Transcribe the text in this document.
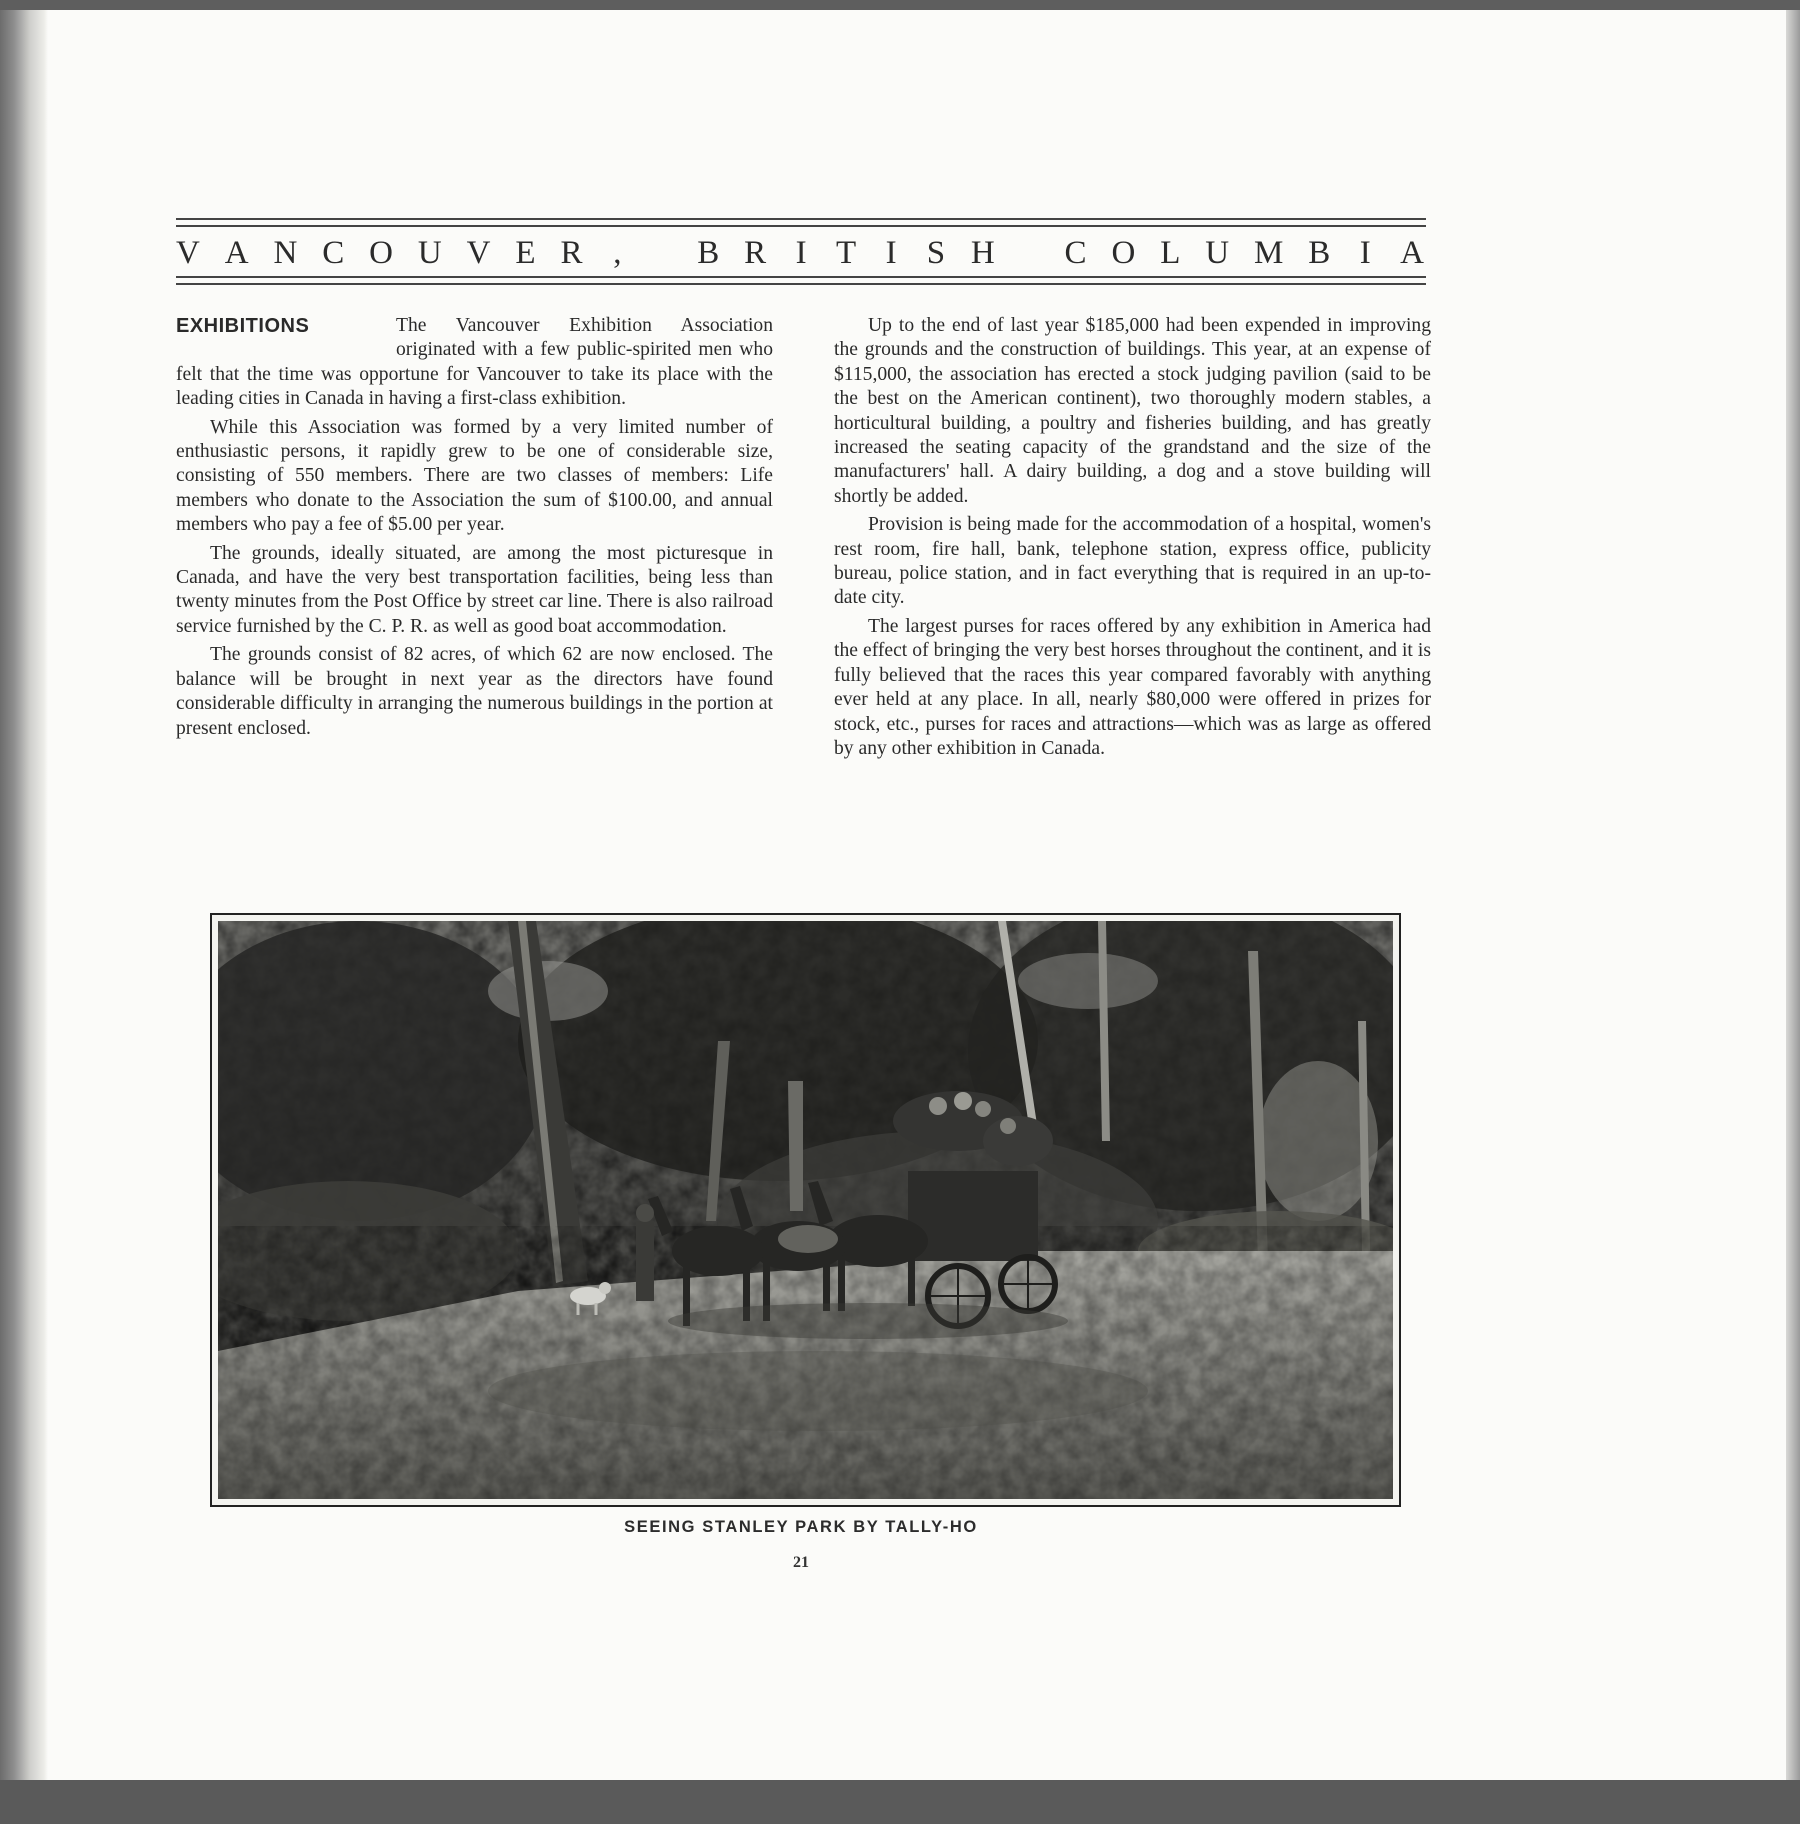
V A N C O U V E R , B R I T I S H C O L U M B I A
EXHIBITIONS	The Vancouver Exhibition Association originated with a few public-spirited men who felt that the time was opportune for Vancouver to take its place with the leading cities in Canada in having a first-class exhibition.

While this Association was formed by a very limited number of enthusiastic persons, it rapidly grew to be one of considerable size, consisting of 550 members. There are two classes of members: Life members who donate to the Association the sum of $100.00, and annual members who pay a fee of $5.00 per year.

The grounds, ideally situated, are among the most picturesque in Canada, and have the very best transportation facilities, being less than twenty minutes from the Post Office by street car line. There is also railroad service furnished by the C. P. R. as well as good boat accommodation.

The grounds consist of 82 acres, of which 62 are now enclosed. The balance will be brought in next year as the directors have found considerable difficulty in arranging the numerous buildings in the portion at present enclosed.

Up to the end of last year $185,000 had been expended in improving the grounds and the construction of buildings. This year, at an expense of $115,000, the association has erected a stock judging pavilion (said to be the best on the American continent), two thoroughly modern stables, a horticultural building, a poultry and fisheries building, and has greatly increased the seating capacity of the grandstand and the size of the manufacturers' hall. A dairy building, a dog and a stove building will shortly be added.

Provision is being made for the accommodation of a hospital, women's rest room, fire hall, bank, telephone station, express office, publicity bureau, police station, and in fact everything that is required in an up-to-date city.

The largest purses for races offered by any exhibition in America had the effect of bringing the very best horses throughout the continent, and it is fully believed that the races this year compared favorably with anything ever held at any place. In all, nearly $80,000 were offered in prizes for stock, etc., purses for races and attractions—which was as large as offered by any other exhibition in Canada.

SEEING STANLEY PARK BY TALLY-HO
21
